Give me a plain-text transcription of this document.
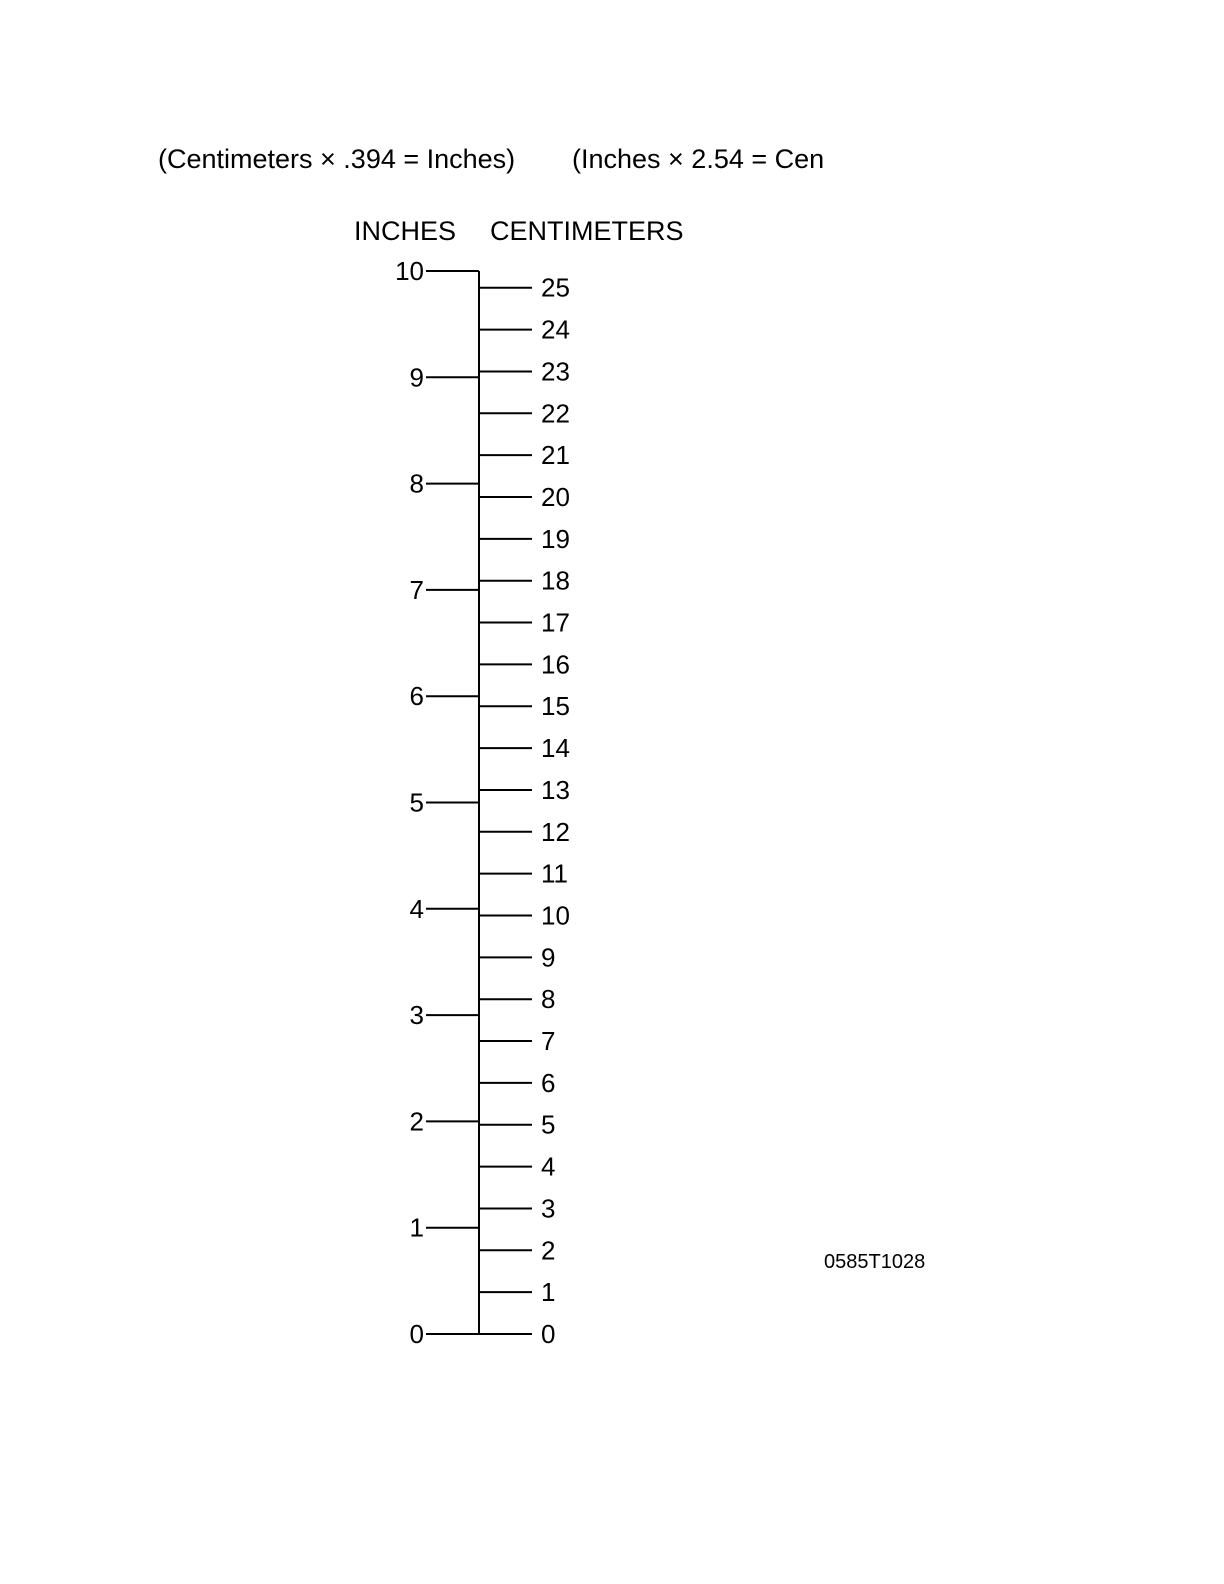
(Centimeters × .394 = Inches) (Inches × 2.54 = Cen
INCHES CENTIMETERS
0
1
2
3
4
5
6
7
8
9
10
0
1
2
3
4
5
6
7
8
9
10
11
12
13
14
15
16
17
18
19
20
21
22
23
24
25
0585T1028
